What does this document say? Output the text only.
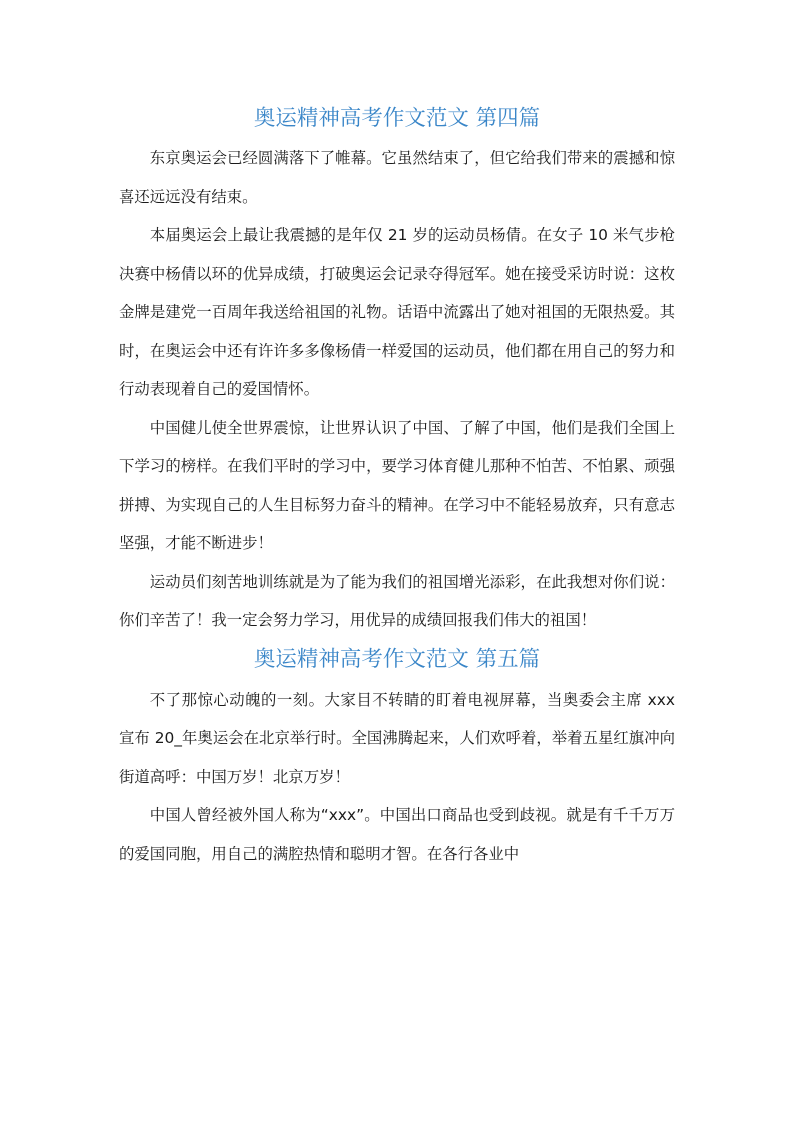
奥运精神高考作文范文 第四篇

东京奥运会已经圆满落下了帷幕。它虽然结束了，但它给我们带来的震撼和惊喜还远远没有结束。

本届奥运会上最让我震撼的是年仅 21 岁的运动员杨倩。在女子 10 米气步枪决赛中杨倩以环的优异成绩，打破奥运会记录夺得冠军。她在接受采访时说：这枚金牌是建党一百周年我送给祖国的礼物。话语中流露出了她对祖国的无限热爱。其时，在奥运会中还有许许多多像杨倩一样爱国的运动员，他们都在用自己的努力和行动表现着自己的爱国情怀。

中国健儿使全世界震惊，让世界认识了中国、了解了中国，他们是我们全国上下学习的榜样。在我们平时的学习中，要学习体育健儿那种不怕苦、不怕累、顽强拼搏、为实现自己的人生目标努力奋斗的精神。在学习中不能轻易放弃，只有意志坚强，才能不断进步！

运动员们刻苦地训练就是为了能为我们的祖国增光添彩，在此我想对你们说：你们辛苦了！我一定会努力学习，用优异的成绩回报我们伟大的祖国！

奥运精神高考作文范文 第五篇

不了那惊心动魄的一刻。大家目不转睛的盯着电视屏幕，当奥委会主席 xxx 宣布 20_年奥运会在北京举行时。全国沸腾起来，人们欢呼着，举着五星红旗冲向街道高呼：中国万岁！北京万岁！

中国人曾经被外国人称为“xxx”。中国出口商品也受到歧视。就是有千千万万的爱国同胞，用自己的满腔热情和聪明才智。在各行各业中
